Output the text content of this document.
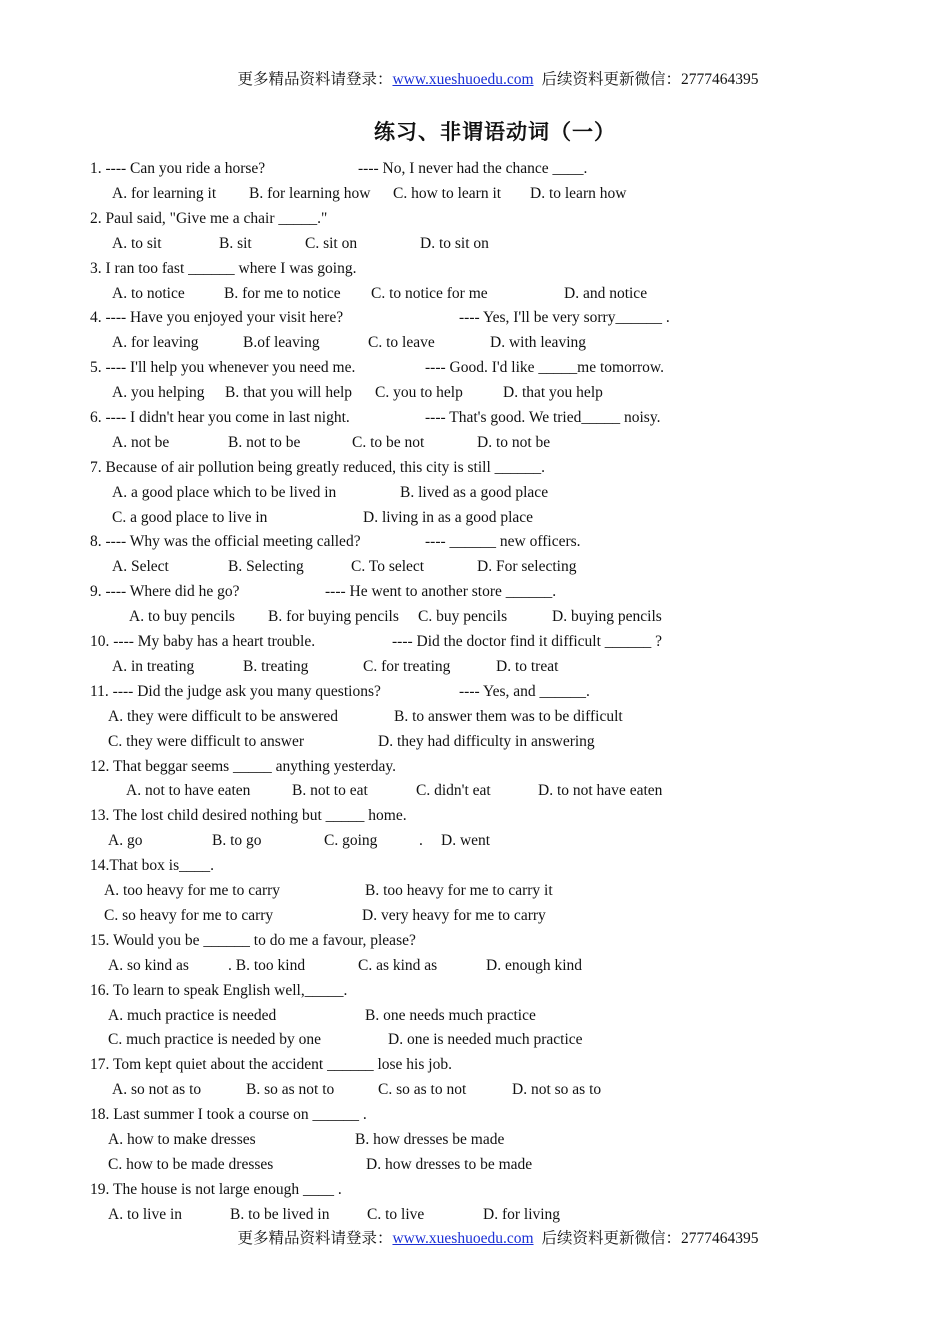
更多精品资料请登录：www.xueshuoedu.com 后续资料更新微信：2777464395
练习、非谓语动词（一）
1. ---- Can you ride a horse?	---- No, I never had the chance ____.
A. for learning it B. for learning how C. how to learn it D. to learn how
2. Paul said, "Give me a chair _____."
A. to sit	B. sit	C. sit on	D. to sit on
3. I ran too fast ______ where I was going.
A. to notice	B. for me to notice C. to notice for me	D. and notice
4. ---- Have you enjoyed your visit here?	---- Yes, I'll be very sorry______ .
A. for leaving	B.of leaving	C. to leave	D. with leaving
5. ---- I'll help you whenever you need me.	---- Good. I'd like _____me tomorrow.
A. you helping B. that you will help C. you to help	D. that you help
6. ---- I didn't hear you come in last night.	---- That's good. We tried_____ noisy.
A. not be	B. not to be	C. to be not	D. to not be
7. Because of air pollution being greatly reduced, this city is still ______.
A. a good place which to be lived in	B. lived as a good place
C. a good place to live in	D. living in as a good place
8. ---- Why was the official meeting called?	---- ______ new officers.
A. Select	B. Selecting	C. To select	D. For selecting
9. ---- Where did he go?	---- He went to another store ______.
A. to buy pencils B. for buying pencils C. buy pencils	D. buying pencils
10. ---- My baby has a heart trouble.	---- Did the doctor find it difficult ______ ?
A. in treating	B. treating	C. for treating	D. to treat
11. ---- Did the judge ask you many questions?	---- Yes, and ______.
A. they were difficult to be answered	B. to answer them was to be difficult
C. they were difficult to answer	D. they had difficulty in answering
12. That beggar seems _____ anything yesterday.
A. not to have eaten	B. not to eat	C. didn't eat	D. to not have eaten
13. The lost child desired nothing but _____ home.
A. go	B. to go	C. going	. D. went
14.That box is____.
A. too heavy for me to carry	B. too heavy for me to carry it
C. so heavy for me to carry	D. very heavy for me to carry
15. Would you be ______ to do me a favour, please?
A. so kind as	. B. too kind	C. as kind as	D. enough kind
16. To learn to speak English well,_____.
A. much practice is needed	B. one needs much practice
C. much practice is needed by one	D. one is needed much practice
17. Tom kept quiet about the accident ______ lose his job.
A. so not as to	B. so as not to	C. so as to not	D. not so as to
18. Last summer I took a course on ______ .
A. how to make dresses	B. how dresses be made
C. how to be made dresses	D. how dresses to be made
19. The house is not large enough ____ .
A. to live in	B. to be lived in C. to live	D. for living
更多精品资料请登录：www.xueshuoedu.com 后续资料更新微信：2777464395
